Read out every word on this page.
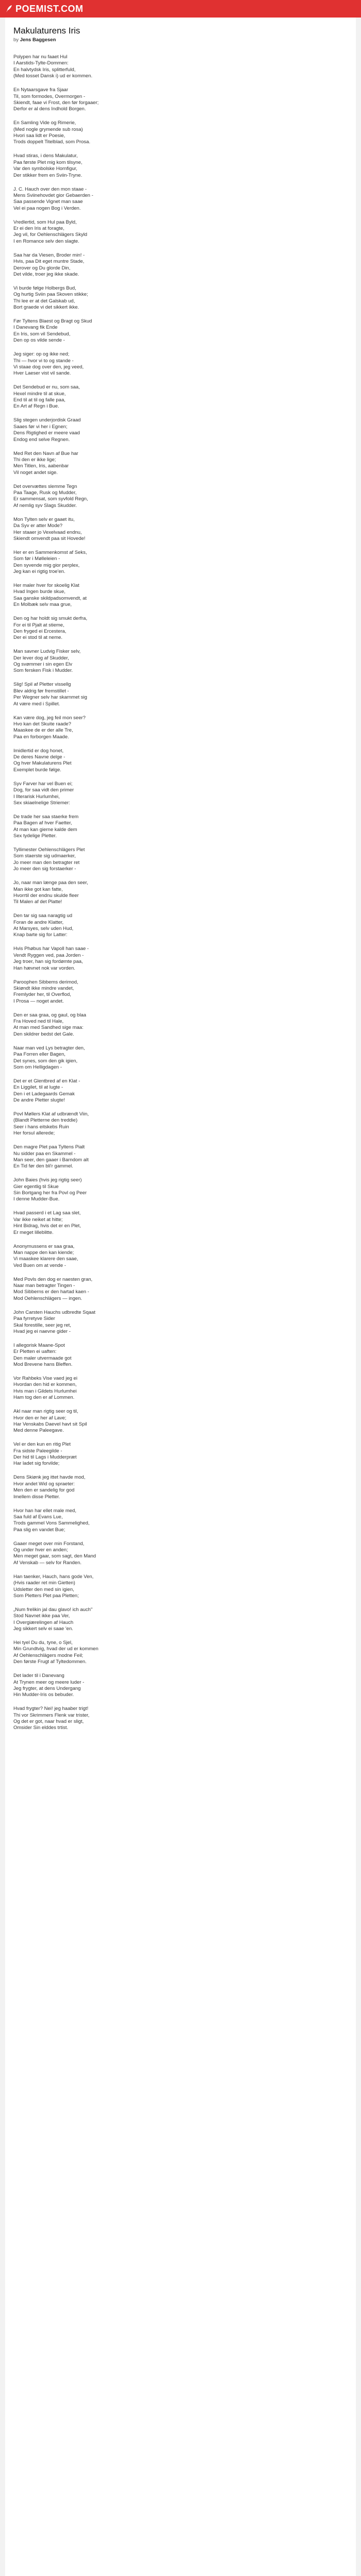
POEMIST.COM
Makulaturens Iris
by Jens Baggesen
Polypen har nu faaet Hul
I Aarstids-Tylte-Dommen:
En halvtydsk Iris, splitterfuld,
(Med tosset Dansk i) ud er kommen.
En Nytaarsgave fra Sjaar
Til, som formodes, Overmorgen -
Skiendt, faae vi Frost, den før forgaaer;
Derfor er al dens Indhold Borgen.
En Samling Vide og Rimerie,
(Med nogle grymende sub rosa)
Hvori saa lidt er Poesie,
Trods doppelt Titelblad, som Prosa.
Hvad stiras, i dens Makulatur,
Paa første Plet mig kom tilsyne,
Var den symbolske Hornfigur,
Der stikker frem en Sviin-Tryne.
J. C. Hauch over den mon staae -
Mens Sviinehovdet gior Gebaerden -
Saa passende Vignet man saae
Vel ei paa nogen Bog i Verden.
Vredlertid, som Hul paa Byld,
Er ei den Iris at foragte,
Jeg vil, for Oehlenschlägers Skyld
I en Romance selv den slagte.
Saa har da Viesen, Broder min! -
Hvis, paa Dit eget muntre Stade,
Derover og Du glorde Din,
Det vilde, troer jeg ikke skade.
Vi burde følge Holbergs Bud,
Og hurtig Sviin paa Skoven stikke;
Thi lee er at det Galskab ud,
Bort graede vi det sikkert ikke.
Før Tyltens Blaest og Bragt og Skud
I Danevang fik Ende
En Iris, som vil Sendebud,
Den op os vilde sende -
Jeg siger: op og ikke ned;
Thi — hvor vi to og stande -
Vi staae dog over den, jeg veed,
Hver Laeser vist vil sande.
Det Sendebud er nu, som saa,
Hexel mindre til at skue,
End til at til og falle paa,
En Art af Regn i Bue.
Slig stegen underjordisk Graad
Saaes før vi her i Egnen;
Dens Rigtighed er meere vaad
Endog end selve Regnen.
Med Ret den Navn af Bue har
Thi den er ikke lige;
Men Titlen, Iris, aabenbar
Vil noget andet sige.
Det overvættes slemme Tegn
Paa Taage, Rusk og Mudder,
Er sammensat, som syvfold Regn,
Af nemlig syv Slags Skudder.
Mon Tylten selv er gaaet itu,
Da Syv er atter Mode?
Her staaer jo Vexelvaad endnu,
Skiendt omvendt paa sit Hovede!
Her er en Sammenkomst af Seks,
Som før i Mølleleien -
Den syvende mig gior perplex,
Jeg kan ei rigtig troe'en.
Her maler hver for skoelig Klat
Hvad Ingen burde skue,
Saa ganske skildpadsomvendt, at
En Molbæk selv maa grue,
Den og har holdt sig smukt derfra,
For ei til Pjalt at stieme,
Den fryged ei Ercestera,
Der ei stod til at neme.
Man savner Ludvig Fisker selv,
Der lever dog af Skudder,
Og svømmer i sin egen Elv
Som fersken Fisk i Mudder.
Slig! Spil af Pletter vissellg
Blev aldrig før fremstillet -
Per Wegner selv har skarnmet sig
At være med i Spillet.
Kan være dog, jeg feil mon seer?
Hvo kan det Skuite raade?
Maaskee de er der alle Tre,
Paa en forborgen Maade.
Imidlertid er dog honet,
De deres Navne delge -
Og hver Makulaturens Plet
Exemplet burde følge.
Syv Farver har vel Buen ei;
Dog, for saa vidt den primer
I Ilterarisk Hurlumhei,
Sex skiaelnelige Striemer:
De trade her saa staerke frem
Paa Bagen af hver Faetter,
At man kan gierne kalde dem
Sex tydelige Pletter.
Tyllimester Oehlenschlägers Plet
Som staerste sig udmaerker,
Jo meer man den betragter ret
Jo meer den sig forstaerker -
Jo, naar man længe paa den seer,
Man ikke got kan fatte,
Hvorrtil der endnu skulde fleer
Til Malen af det Platte!
Den tar sig saa naragtig ud
Foran de andre Klatter,
At Marsyes, selv uden Hud,
Knap barte sig for Latter:
Hvis Phøbus har Vapoll han saae -
Vendt Ryggen ved, paa Jorden -
Jeg troer, han sig fordømte paa,
Han hævnet nok var vorden.
Paroophen Sibbems derimod,
Skiøndt ikke mindre vandet,
Fremlyder her, til Overflod,
I Prosa — noget andet.
Den er saa graa, og gaul, og blaa
Fra Hoved ned til Hale,
At man med Sandhed sige maa:
Den skildrer bedst det Gale.
Naar man ved Lys betragter den,
Paa Forren eller Bagen,
Det synes, som den gik igien,
Som om Helligdagen -
Det er et Glentbred af en Klat -
En Liggilet, til at lugte -
Den i et Ladegaards Gemak
De andre Pletter slugte!
Povl Møllers Klat af udbrændt Viin,
(Blandt Pletterne den treddie)
Seer i hans eitskebs Ruin
Her forsul allerede;
Den magre Plet paa Tyltens Pialt
Nu sidder paa en Skammel -
Man seer, den gaaer i Barndom alt
En Tid før den bli'r gammel.
John Baies (hvis jeg rigtig seer)
Gier egentlig til Skue
Sin Bortgang her fra Povl og Peer
I denne Mudder-Bue.
Hvad passerd i et Lag saa slet,
Var ikke neiket at hitte;
Hint Bidrag, hvis det er en Plet,
Er meget lilleblitte.
Anonymussens er saa graa,
Man nappe den kan kiende;
Vi maaskee klarere den saae,
Ved Buen om at vende -
Med Povls den dog er naesten gran,
Naar man betragter Tingen -
Mod Sibberns er den hartad kaen -
Mod Oehlenschlägers — ingen.
John Carsten Hauchs udbredte Sqaat
Paa fyrretyve Sider
Skal forestille, seer jeg ret,
Hvad jeg ei naevne gider -
I allegorisk Maane-Spot
Er Pletten ei uaften:
Den maler utvermaade got
Mod Brevene hans Bleffen.
Vor Rahbeks Vise vaed jeg ei
Hvordan den hid er kommen,
Hvis man i Gildets Hurlumhei
Ham tog den er af Lommen.
Akl naar man rigtig seer og til,
Hvor den er her af Lave;
Har Venskabs Daevel havt sit Spil
Med denne Paleegave.
Vel er den kun en ritig Plet
Fra sidste Paleegilde -
Der hid til Lags i Mudderpræt
Har ladet sig forvilde;
Dens Skiønk jeg ittet havde mod,
Hvor andet Wid og spraeter:
Men den er sandelig for god
Imellem disse Pletter.
Hvor han har ellet male med,
Saa fuld af Evans Lue,
Trods gammel Vons Sammelighed,
Paa slig en vandet Bue;
Gaaer meget over min Forstand,
Og under hver en anden;
Men meget gaar, som sagt, den Mand
Af Venskab — selv for Randen.
Han taenker, Hauch, hans gode Ven,
(Hvis raader ret min Gietten)
Udsletter den med sin igien,
Som Pletters Plet paa Pletten;
„Num frelikin jal dau glavo! ich auch"
Stod Navnet ikke paa Ver,
I Overgiærelingen af Hauch
Jeg sikkert selv ei saae 'en.
Hei tyel Du du, tyne, o Sjel,
Min Grundtvig, hvad der ud er kommen
Af Oehlenschlägers modne Feil;
Den første Frugt af Tyltedommen.
Det lader til i Danevang
At Trynen meer og meere luder -
Jeg frygter, at dens Undergang
Hin Mudder-Iris os bebuder.
Hvad frygter? Nei! jeg haaber trigt!
Thi vor Skrimmers Flenk var trister,
Og det er got, naar hvad er sligt,
Omsider Sin elddes trtist.
